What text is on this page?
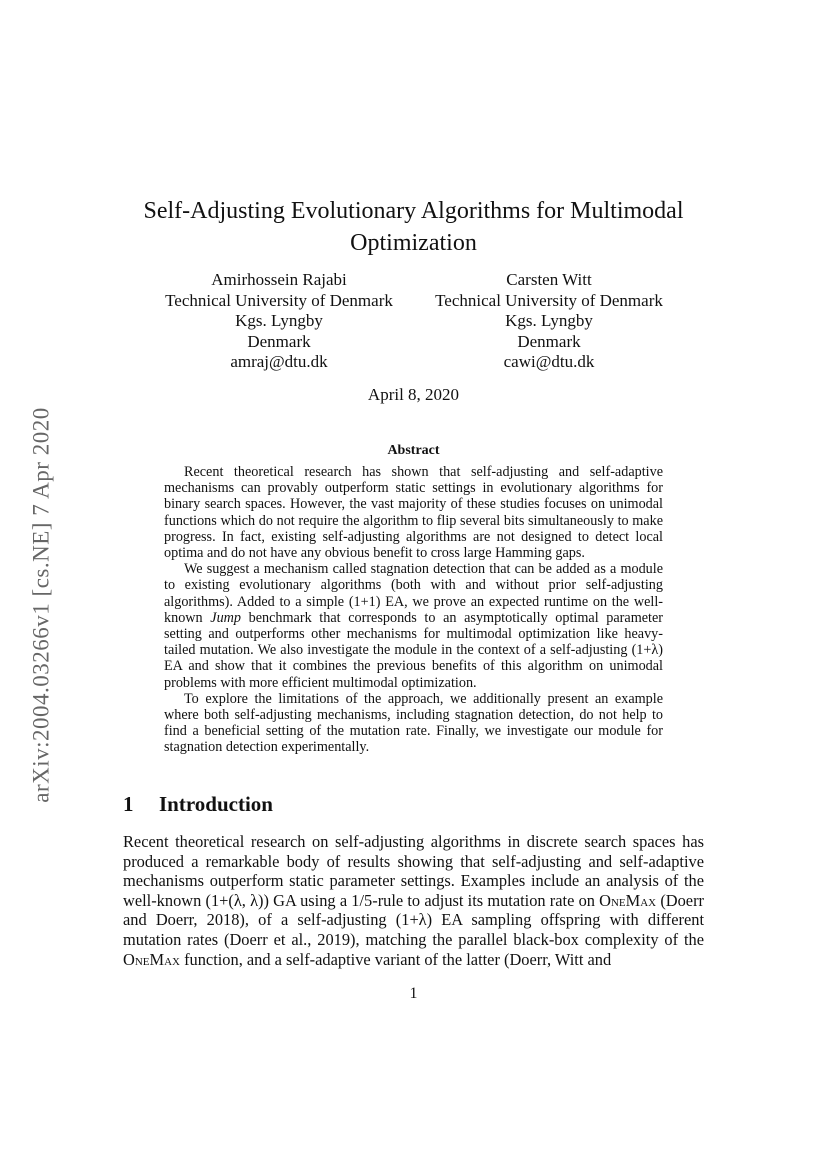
arXiv:2004.03266v1 [cs.NE] 7 Apr 2020
Self-Adjusting Evolutionary Algorithms for Multimodal Optimization
Amirhossein Rajabi
Technical University of Denmark
Kgs. Lyngby
Denmark
amraj@dtu.dk
Carsten Witt
Technical University of Denmark
Kgs. Lyngby
Denmark
cawi@dtu.dk
April 8, 2020
Abstract

Recent theoretical research has shown that self-adjusting and self-adaptive mechanisms can provably outperform static settings in evolutionary algorithms for binary search spaces. However, the vast majority of these studies focuses on unimodal functions which do not require the algorithm to flip several bits simultaneously to make progress. In fact, existing self-adjusting algorithms are not designed to detect local optima and do not have any obvious benefit to cross large Hamming gaps.

We suggest a mechanism called stagnation detection that can be added as a module to existing evolutionary algorithms (both with and without prior self-adjusting algorithms). Added to a simple (1+1) EA, we prove an expected runtime on the well-known Jump benchmark that corresponds to an asymptotically optimal parameter setting and outperforms other mechanisms for multimodal optimization like heavy-tailed mutation. We also investigate the module in the context of a self-adjusting (1+λ) EA and show that it combines the previous benefits of this algorithm on unimodal problems with more efficient multimodal optimization.

To explore the limitations of the approach, we additionally present an example where both self-adjusting mechanisms, including stagnation detection, do not help to find a beneficial setting of the mutation rate. Finally, we investigate our module for stagnation detection experimentally.

1 Introduction

Recent theoretical research on self-adjusting algorithms in discrete search spaces has produced a remarkable body of results showing that self-adjusting and self-adaptive mechanisms outperform static parameter settings. Examples include an analysis of the well-known (1+(λ, λ)) GA using a 1/5-rule to adjust its mutation rate on OneMax (Doerr and Doerr, 2018), of a self-adjusting (1+λ) EA sampling offspring with different mutation rates (Doerr et al., 2019), matching the parallel black-box complexity of the OneMax function, and a self-adaptive variant of the latter (Doerr, Witt and

1
